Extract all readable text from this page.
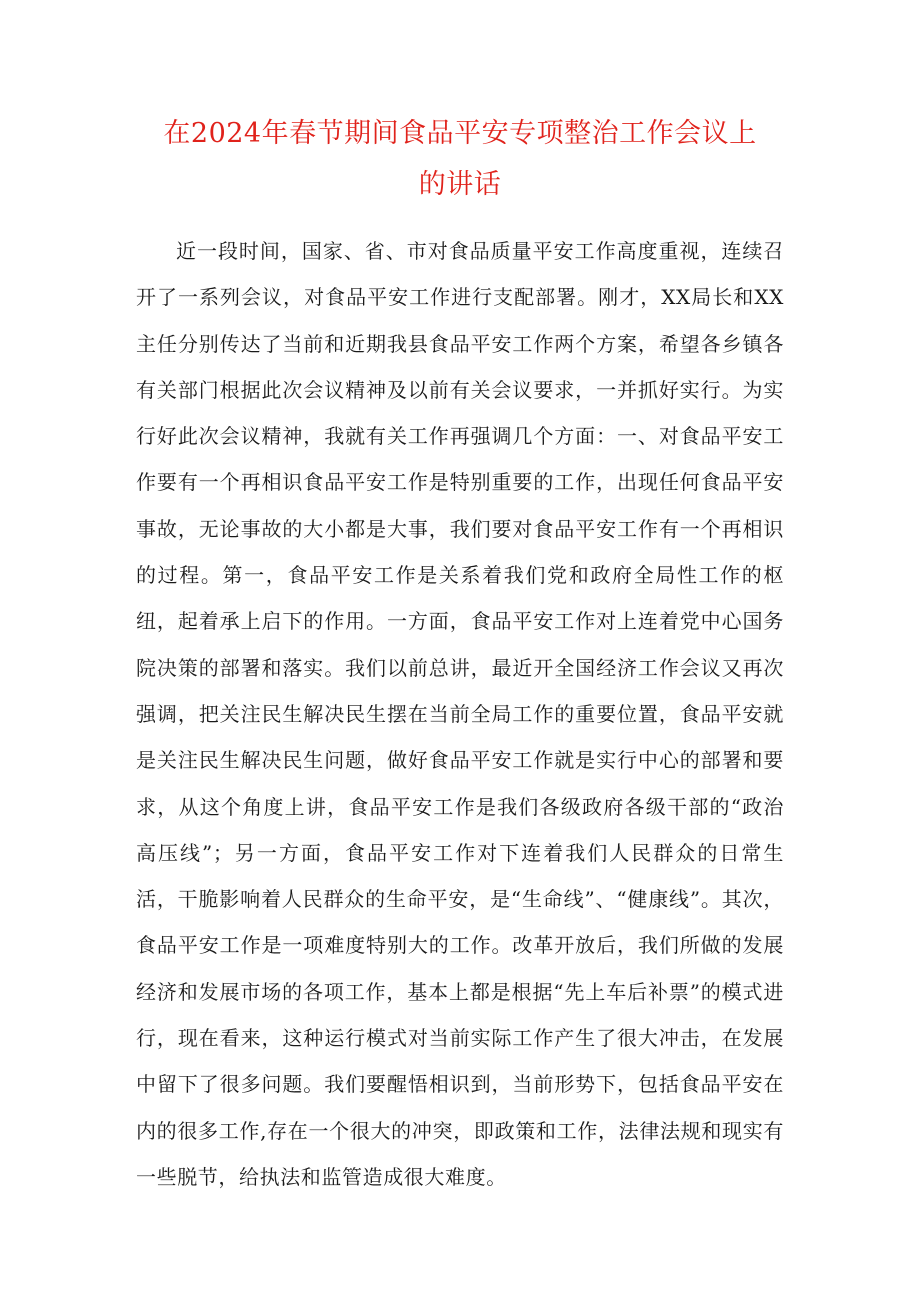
在2024年春节期间食品平安专项整治工作会议上
的讲话

近一段时间，国家、省、市对食品质量平安工作高度重视，连续召开了一系列会议，对食品平安工作进行支配部署。刚才，XX局长和XX主任分别传达了当前和近期我县食品平安工作两个方案，希望各乡镇各有关部门根据此次会议精神及以前有关会议要求，一并抓好实行。为实行好此次会议精神，我就有关工作再强调几个方面：一、对食品平安工作要有一个再相识食品平安工作是特别重要的工作，出现任何食品平安事故，无论事故的大小都是大事，我们要对食品平安工作有一个再相识的过程。第一，食品平安工作是关系着我们党和政府全局性工作的枢纽，起着承上启下的作用。一方面，食品平安工作对上连着党中心国务院决策的部署和落实。我们以前总讲，最近开全国经济工作会议又再次强调，把关注民生解决民生摆在当前全局工作的重要位置，食品平安就是关注民生解决民生问题，做好食品平安工作就是实行中心的部署和要求，从这个角度上讲，食品平安工作是我们各级政府各级干部的“政治高压线”；另一方面，食品平安工作对下连着我们人民群众的日常生活，干脆影响着人民群众的生命平安，是“生命线”、“健康线”。其次，食品平安工作是一项难度特别大的工作。改革开放后，我们所做的发展经济和发展市场的各项工作，基本上都是根据“先上车后补票”的模式进行，现在看来，这种运行模式对当前实际工作产生了很大冲击，在发展中留下了很多问题。我们要醒悟相识到，当前形势下，包括食品平安在内的很多工作,存在一个很大的冲突，即政策和工作，法律法规和现实有一些脱节，给执法和监管造成很大难度。
